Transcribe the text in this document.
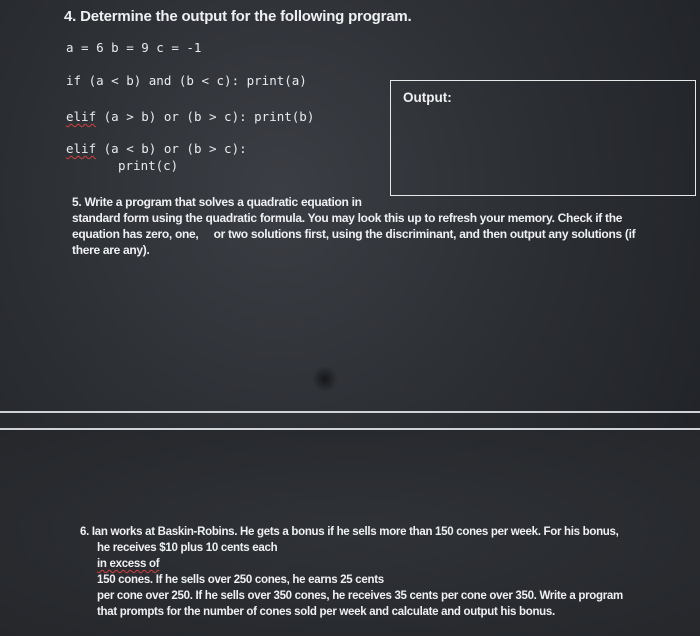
4. Determine the output for the following program.
a = 6 b = 9 c = -1
if (a < b) and (b < c): print(a)
elif (a > b) or (b > c): print(b)
elif (a < b) or (b > c):
print(c)
Output:
5. Write a program that solves a quadratic equation in
standard form using the quadratic formula. You may look this up to refresh your memory. Check if the
equation has zero, one,     or two solutions first, using the discriminant, and then output any solutions (if
there are any).
6. Ian works at Baskin-Robins. He gets a bonus if he sells more than 150 cones per week. For his bonus,
he receives $10 plus 10 cents each
in excess of
150 cones. If he sells over 250 cones, he earns 25 cents
per cone over 250. If he sells over 350 cones, he receives 35 cents per cone over 350. Write a program
that prompts for the number of cones sold per week and calculate and output his bonus.
